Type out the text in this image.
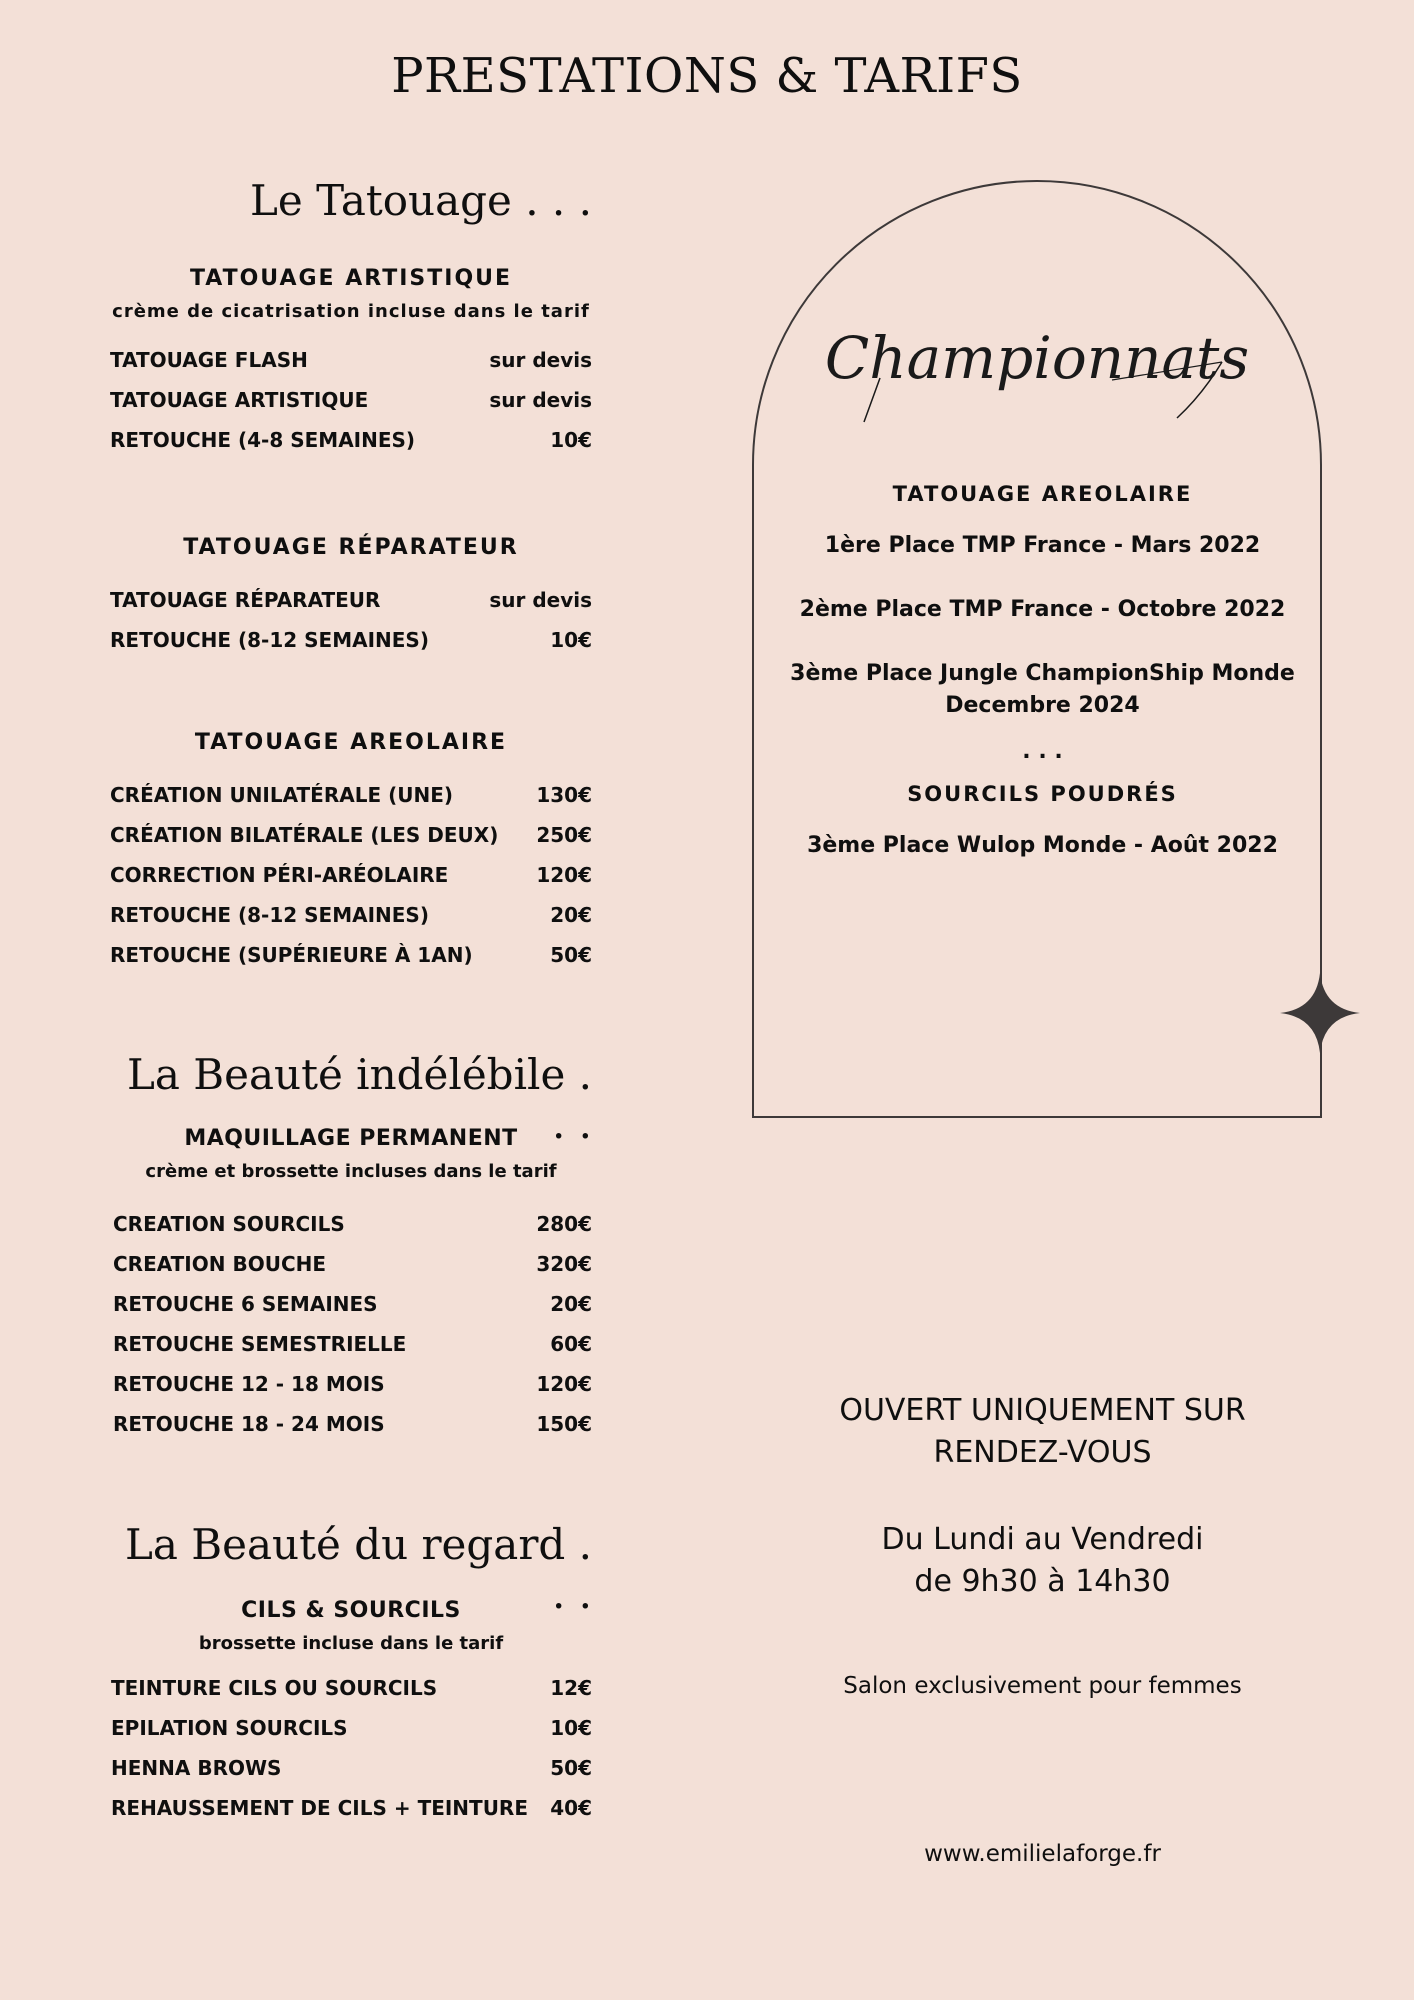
PRESTATIONS & TARIFS
Le Tatouage . . .
TATOUAGE ARTISTIQUE
crème de cicatrisation incluse dans le tarif
TATOUAGE FLASH	sur devis
TATOUAGE ARTISTIQUE	sur devis
RETOUCHE (4-8 SEMAINES)	10€
TATOUAGE RÉPARATEUR
TATOUAGE RÉPARATEUR	sur devis
RETOUCHE (8-12 SEMAINES)	10€
TATOUAGE AREOLAIRE
CRÉATION UNILATÉRALE (UNE)	130€
CRÉATION BILATÉRALE (LES DEUX) 250€
CORRECTION PÉRI-ARÉOLAIRE	120€
RETOUCHE (8-12 SEMAINES)	20€
RETOUCHE (SUPÉRIEURE À 1AN)	50€
La Beauté indélébile . . .
MAQUILLAGE PERMANENT
crème et brossette incluses dans le tarif
CREATION SOURCILS	280€
CREATION BOUCHE	320€
RETOUCHE 6 SEMAINES	20€
RETOUCHE SEMESTRIELLE	60€
RETOUCHE 12 - 18 MOIS	120€
RETOUCHE 18 - 24 MOIS	150€
La Beauté du regard . . .
CILS & SOURCILS
brossette incluse dans le tarif
TEINTURE CILS OU SOURCILS	12€
EPILATION SOURCILS	10€
HENNA BROWS	50€
REHAUSSEMENT DE CILS + TEINTURE 40€
Championnats
TATOUAGE AREOLAIRE
1ère Place TMP France - Mars 2022
2ème Place TMP France - Octobre 2022
3ème Place Jungle ChampionShip Monde
Decembre 2024
. . .
SOURCILS POUDRÉS
3ème Place Wulop Monde - Août 2022
OUVERT UNIQUEMENT SUR
RENDEZ-VOUS
Du Lundi au Vendredi
de 9h30 à 14h30
Salon exclusivement pour femmes
www.emilielaforge.fr
